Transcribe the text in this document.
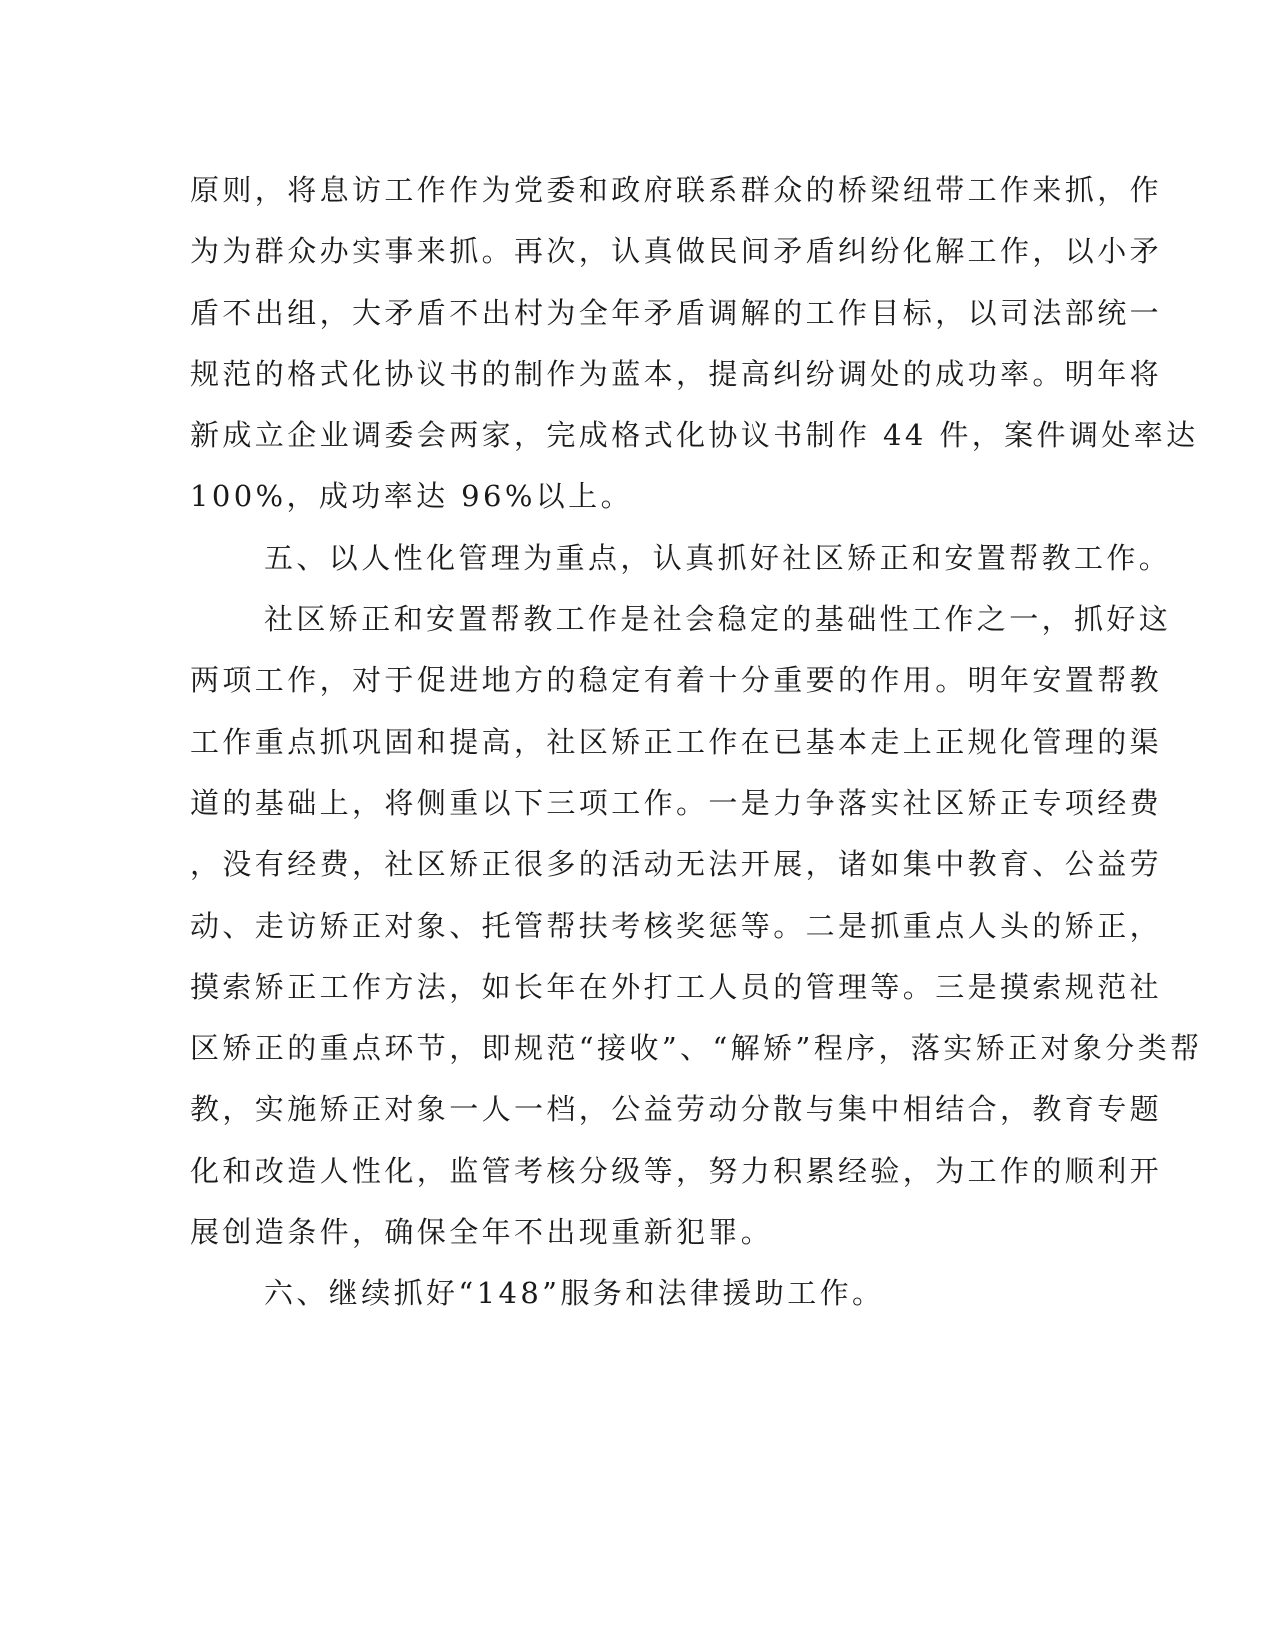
原则，将息访工作作为党委和政府联系群众的桥梁纽带工作来抓，作
为为群众办实事来抓。再次，认真做民间矛盾纠纷化解工作，以小矛
盾不出组，大矛盾不出村为全年矛盾调解的工作目标，以司法部统一
规范的格式化协议书的制作为蓝本，提高纠纷调处的成功率。明年将
新成立企业调委会两家，完成格式化协议书制作 44 件，案件调处率达
100%，成功率达 96%以上。
五、以人性化管理为重点，认真抓好社区矫正和安置帮教工作。
社区矫正和安置帮教工作是社会稳定的基础性工作之一，抓好这
两项工作，对于促进地方的稳定有着十分重要的作用。明年安置帮教
工作重点抓巩固和提高，社区矫正工作在已基本走上正规化管理的渠
道的基础上，将侧重以下三项工作。一是力争落实社区矫正专项经费
，没有经费，社区矫正很多的活动无法开展，诸如集中教育、公益劳
动、走访矫正对象、托管帮扶考核奖惩等。二是抓重点人头的矫正，
摸索矫正工作方法，如长年在外打工人员的管理等。三是摸索规范社
区矫正的重点环节，即规范“接收”、“解矫”程序，落实矫正对象分类帮
教，实施矫正对象一人一档，公益劳动分散与集中相结合，教育专题
化和改造人性化，监管考核分级等，努力积累经验，为工作的顺利开
展创造条件，确保全年不出现重新犯罪。
六、继续抓好“148”服务和法律援助工作。
